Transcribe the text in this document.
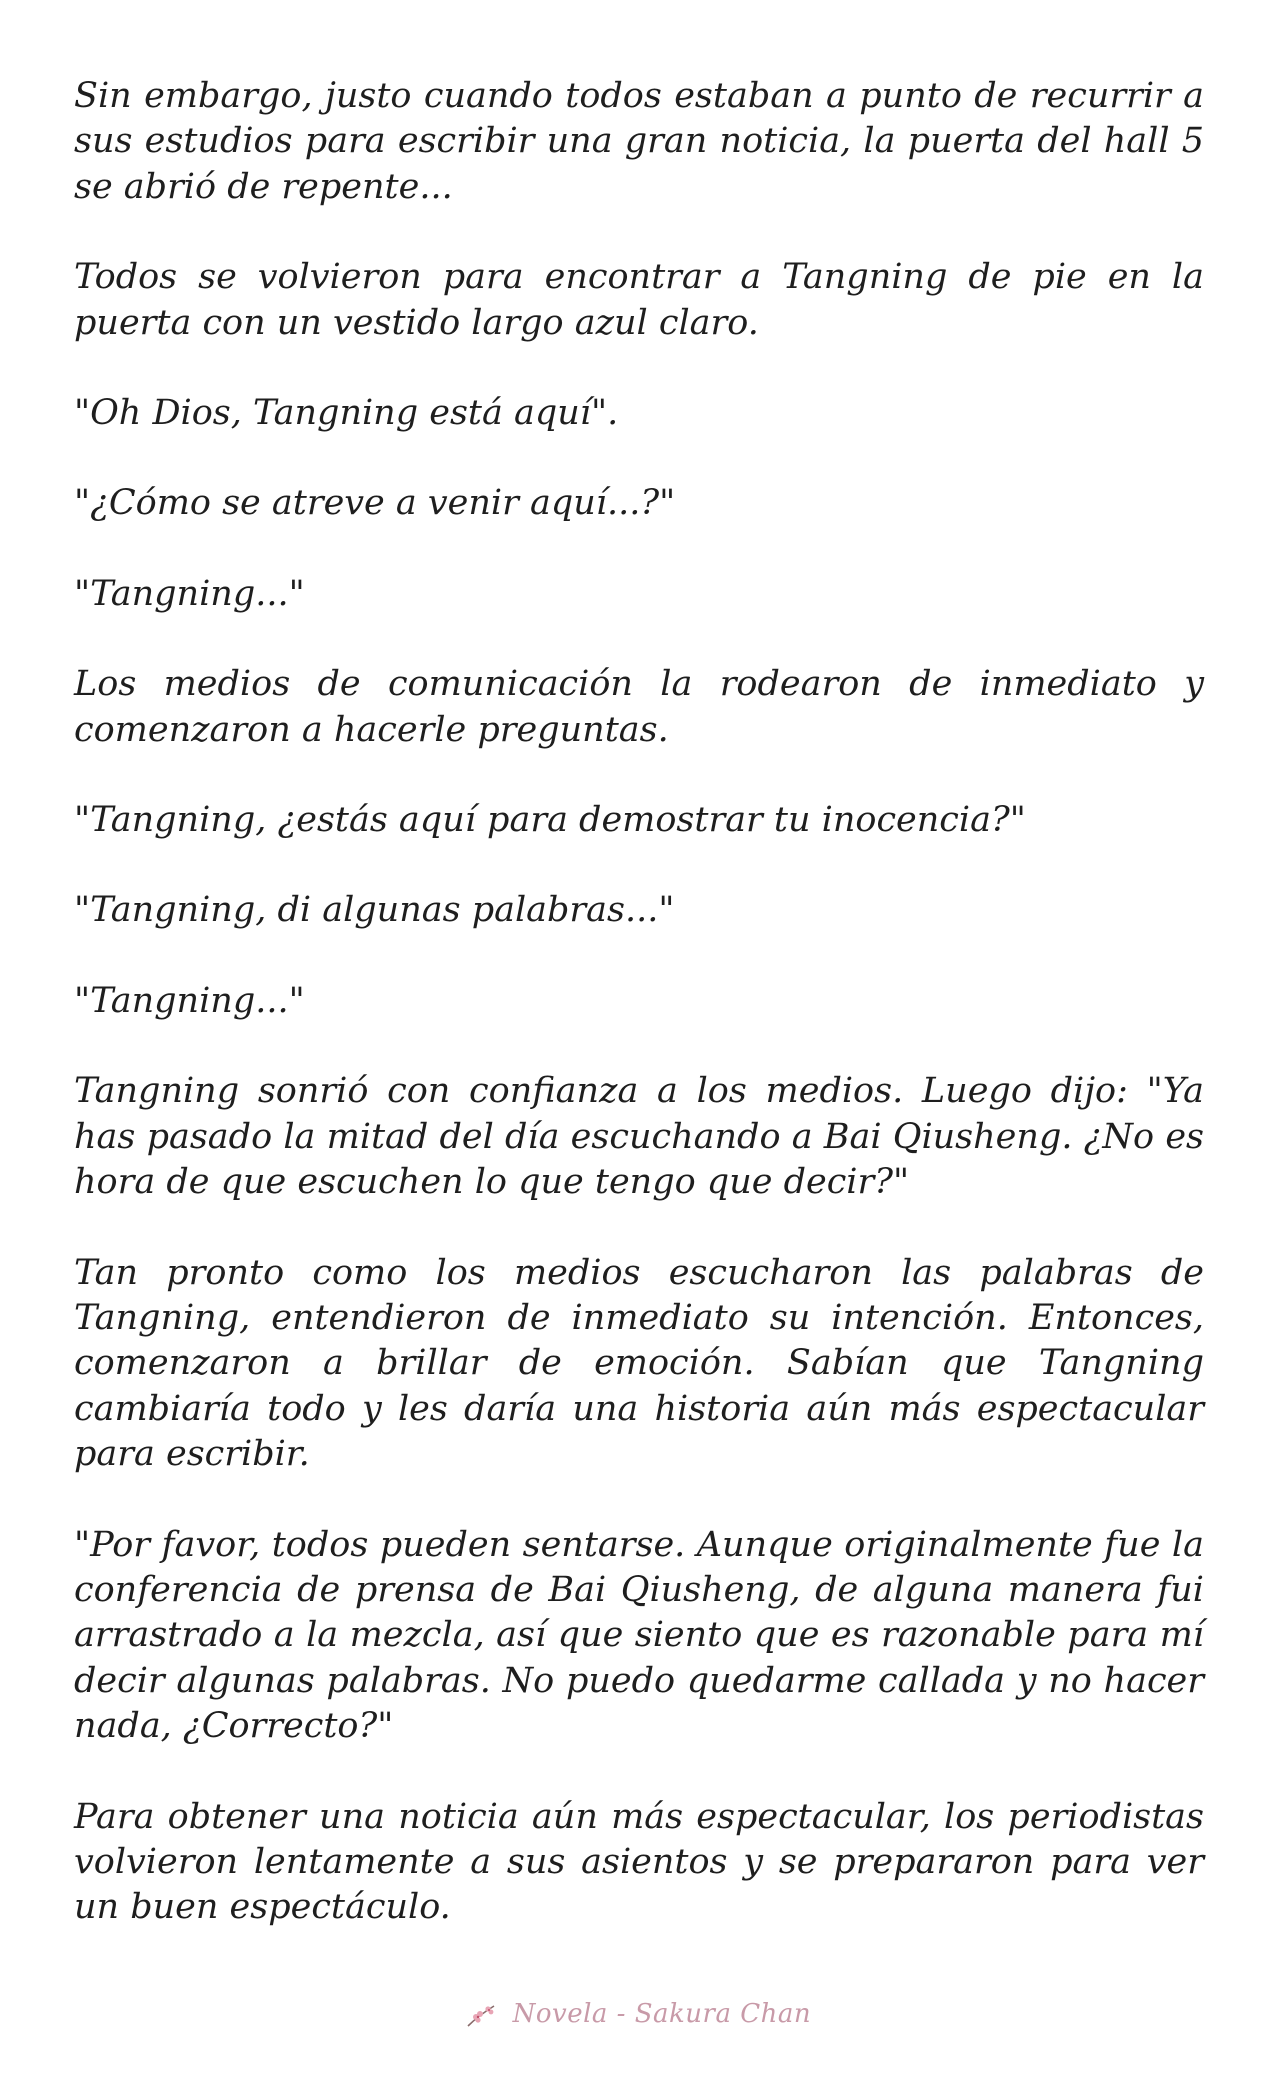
Sin embargo, justo cuando todos estaban a punto de recurrir a sus estudios para escribir una gran noticia, la puerta del hall 5 se abrió de repente...

Todos se volvieron para encontrar a Tangning de pie en la puerta con un vestido largo azul claro.

"Oh Dios, Tangning está aquí".

"¿Cómo se atreve a venir aquí...?"

"Tangning..."

Los medios de comunicación la rodearon de inmediato y comenzaron a hacerle preguntas.

"Tangning, ¿estás aquí para demostrar tu inocencia?"

"Tangning, di algunas palabras..."

"Tangning..."

Tangning sonrió con confianza a los medios. Luego dijo: "Ya has pasado la mitad del día escuchando a Bai Qiusheng. ¿No es hora de que escuchen lo que tengo que decir?"

Tan pronto como los medios escucharon las palabras de Tangning, entendieron de inmediato su intención. Entonces, comenzaron a brillar de emoción. Sabían que Tangning cambiaría todo y les daría una historia aún más espectacular para escribir.

"Por favor, todos pueden sentarse. Aunque originalmente fue la conferencia de prensa de Bai Qiusheng, de alguna manera fui arrastrado a la mezcla, así que siento que es razonable para mí decir algunas palabras. No puedo quedarme callada y no hacer nada, ¿Correcto?"

Para obtener una noticia aún más espectacular, los periodistas volvieron lentamente a sus asientos y se prepararon para ver un buen espectáculo.

Novela - Sakura Chan
